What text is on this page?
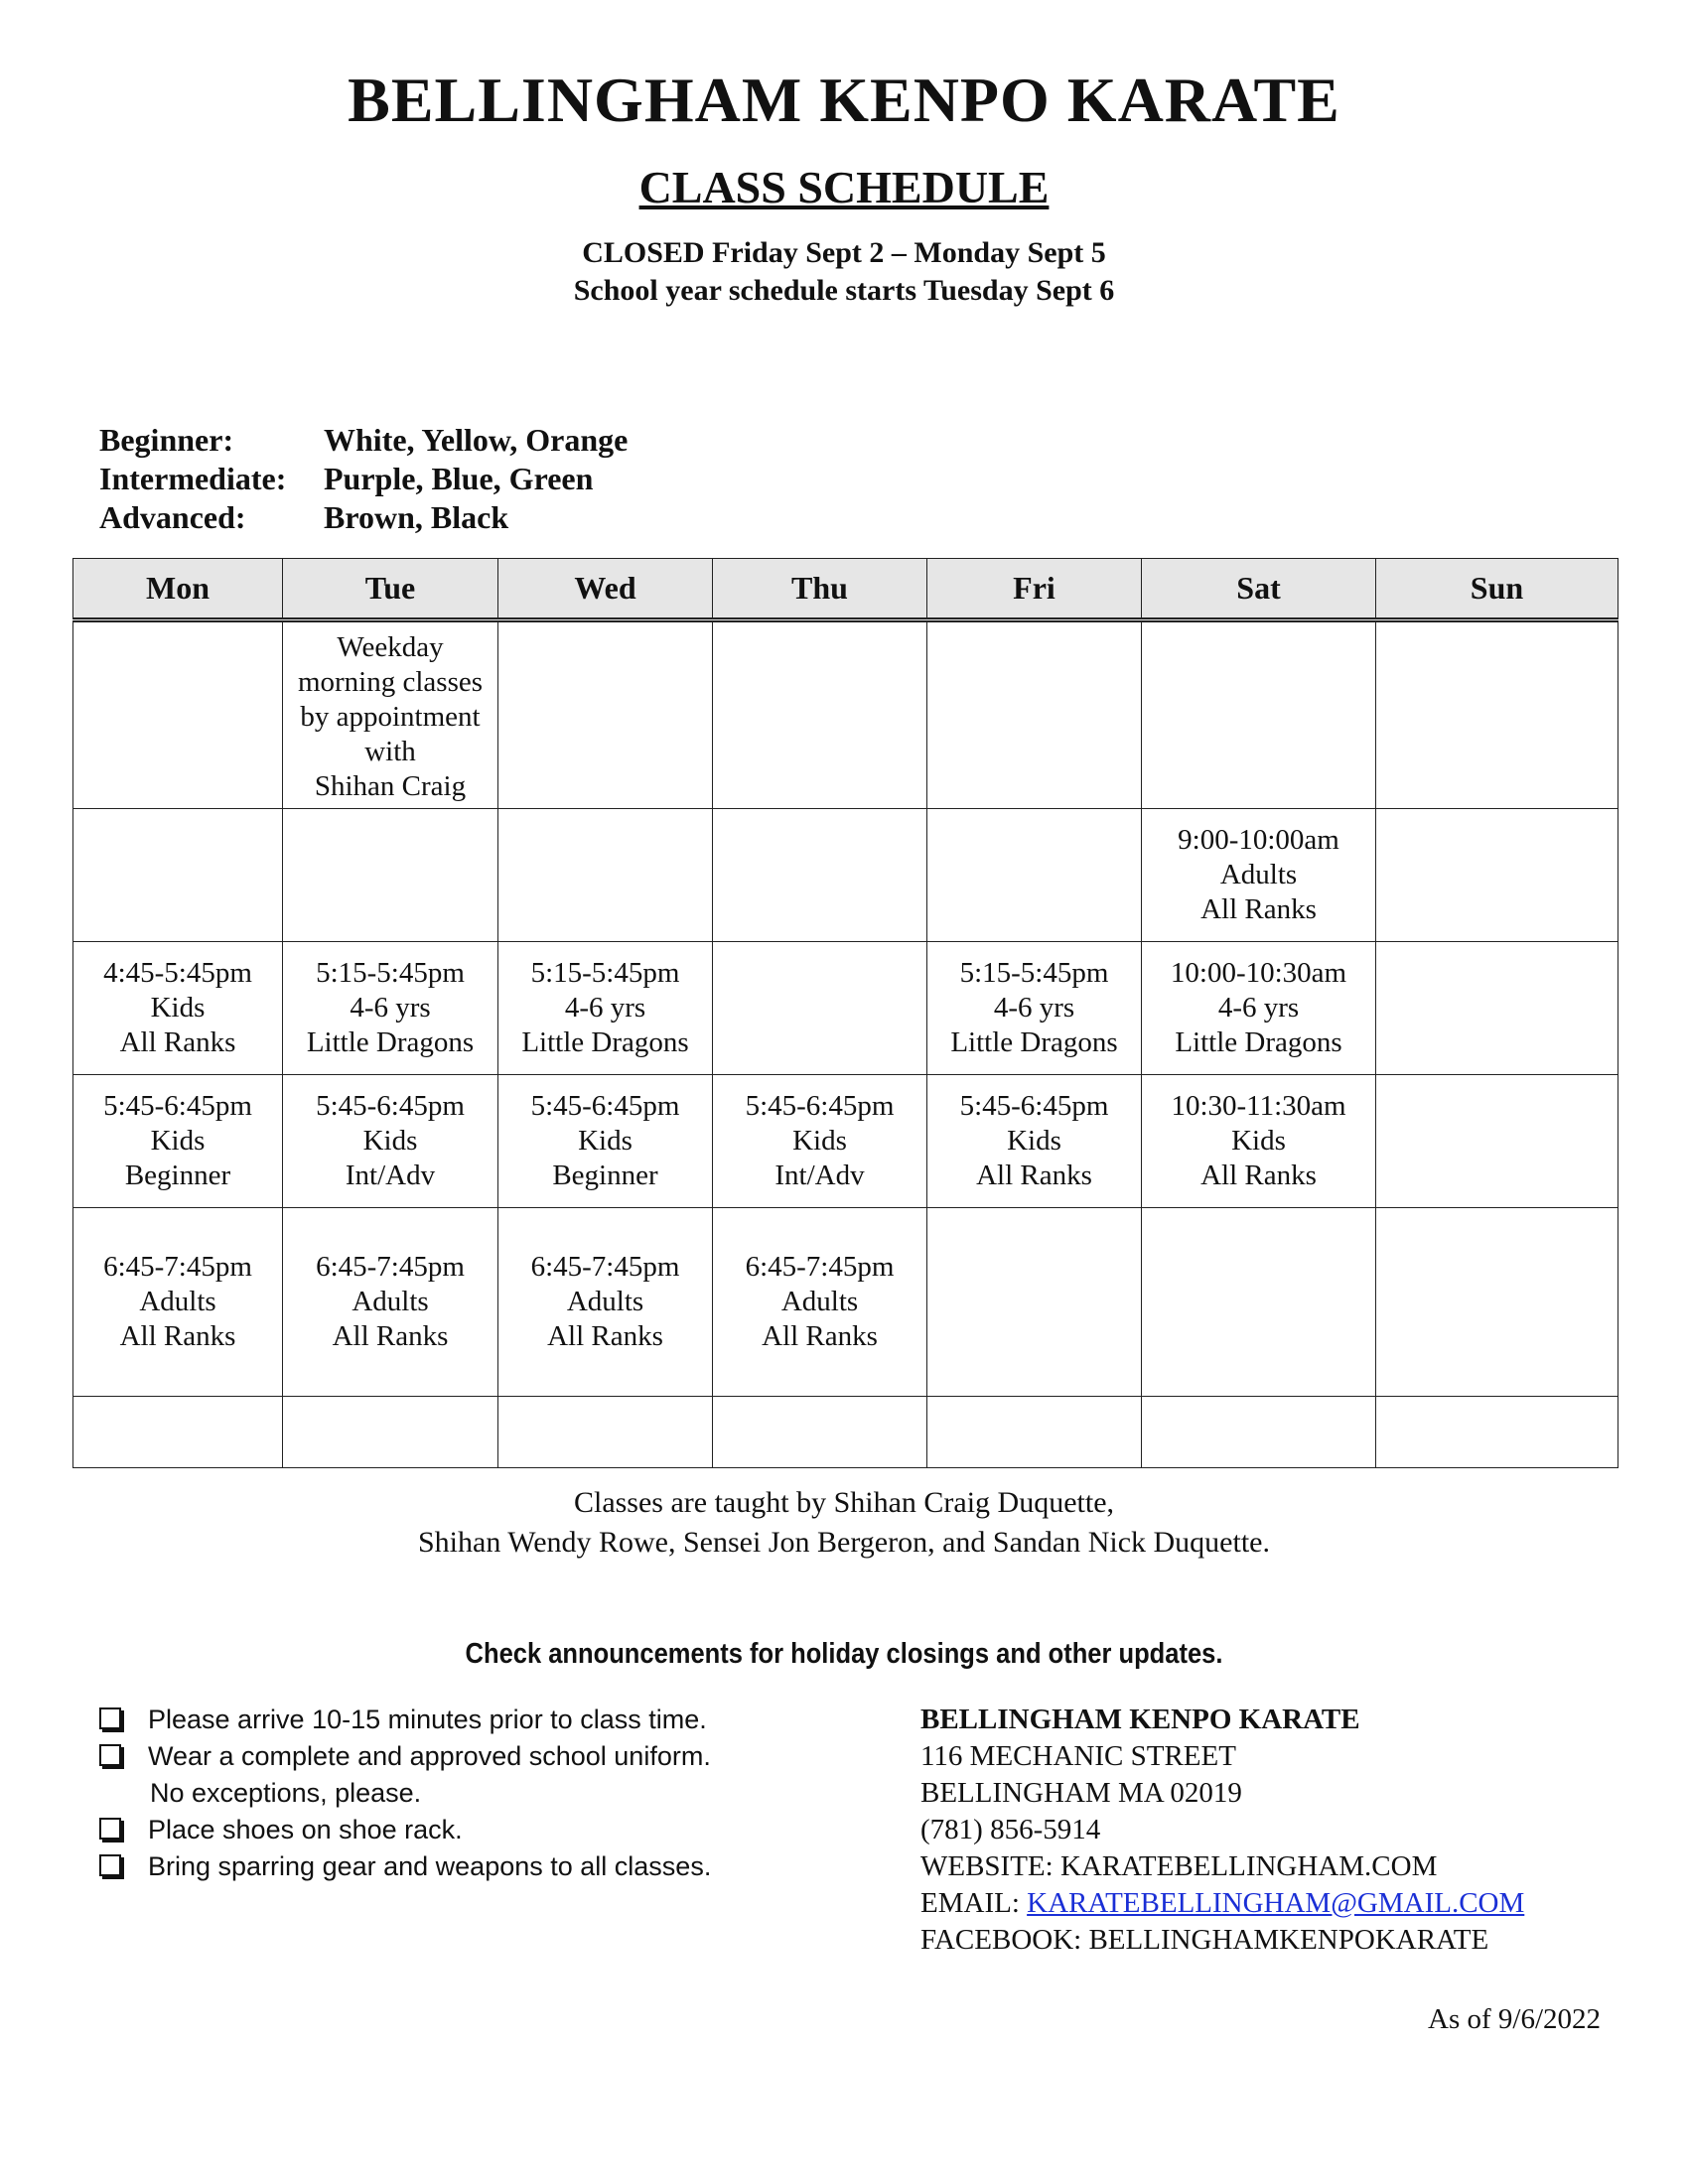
BELLINGHAM KENPO KARATE
CLASS SCHEDULE
CLOSED Friday Sept 2 – Monday Sept 5
School year schedule starts Tuesday Sept 6
Beginner:	White, Yellow, Orange
Intermediate:	Purple, Blue, Green
Advanced:	Brown, Black
Mon	Tue	Wed	Thu	Fri	Sat	Sun

	Weekday
morning classes
by appointment
with
Shihan Craig					

					9:00-10:00am
Adults
All Ranks	

4:45-5:45pm
Kids
All Ranks	5:15-5:45pm
4-6 yrs
Little Dragons	5:15-5:45pm
4-6 yrs
Little Dragons		5:15-5:45pm
4-6 yrs
Little Dragons	10:00-10:30am
4-6 yrs
Little Dragons	

5:45-6:45pm
Kids
Beginner	5:45-6:45pm
Kids
Int/Adv	5:45-6:45pm
Kids
Beginner	5:45-6:45pm
Kids
Int/Adv	5:45-6:45pm
Kids
All Ranks	10:30-11:30am
Kids
All Ranks	

6:45-7:45pm
Adults
All Ranks	6:45-7:45pm
Adults
All Ranks	6:45-7:45pm
Adults
All Ranks	6:45-7:45pm
Adults
All Ranks			

Classes are taught by Shihan Craig Duquette,
Shihan Wendy Rowe, Sensei Jon Bergeron, and Sandan Nick Duquette.
Check announcements for holiday closings and other updates.
Please arrive 10-15 minutes prior to class time.
Wear a complete and approved school uniform.
No exceptions, please.
Place shoes on shoe rack.
Bring sparring gear and weapons to all classes.
BELLINGHAM KENPO KARATE
116 MECHANIC STREET
BELLINGHAM MA 02019
(781) 856-5914
WEBSITE: KARATEBELLINGHAM.COM
EMAIL: KARATEBELLINGHAM@GMAIL.COM
FACEBOOK: BELLINGHAMKENPOKARATE
As of 9/6/2022
